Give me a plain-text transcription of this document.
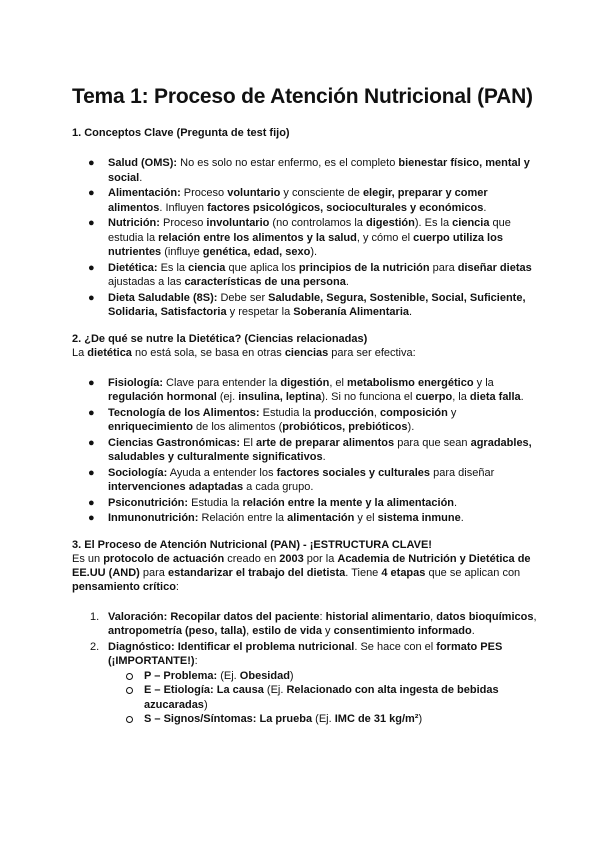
Tema 1: Proceso de Atención Nutricional (PAN)

1. Conceptos Clave (Pregunta de test fijo)

● Salud (OMS): No es solo no estar enfermo, es el completo bienestar físico, mental y social.
● Alimentación: Proceso voluntario y consciente de elegir, preparar y comer alimentos. Influyen factores psicológicos, socioculturales y económicos.
● Nutrición: Proceso involuntario (no controlamos la digestión). Es la ciencia que estudia la relación entre los alimentos y la salud, y cómo el cuerpo utiliza los nutrientes (influye genética, edad, sexo).
● Dietética: Es la ciencia que aplica los principios de la nutrición para diseñar dietas ajustadas a las características de una persona.
● Dieta Saludable (8S): Debe ser Saludable, Segura, Sostenible, Social, Suficiente, Solidaria, Satisfactoria y respetar la Soberanía Alimentaria.

2. ¿De qué se nutre la Dietética? (Ciencias relacionadas)

La dietética no está sola, se basa en otras ciencias para ser efectiva:

● Fisiología: Clave para entender la digestión, el metabolismo energético y la regulación hormonal (ej. insulina, leptina). Si no funciona el cuerpo, la dieta falla.
● Tecnología de los Alimentos: Estudia la producción, composición y enriquecimiento de los alimentos (probióticos, prebióticos).
● Ciencias Gastronómicas: El arte de preparar alimentos para que sean agradables, saludables y culturalmente significativos.
● Sociología: Ayuda a entender los factores sociales y culturales para diseñar intervenciones adaptadas a cada grupo.
● Psiconutrición: Estudia la relación entre la mente y la alimentación.
● Inmunonutrición: Relación entre la alimentación y el sistema inmune.

3. El Proceso de Atención Nutricional (PAN) - ¡ESTRUCTURA CLAVE!

Es un protocolo de actuación creado en 2003 por la Academia de Nutrición y Dietética de EE.UU (AND) para estandarizar el trabajo del dietista. Tiene 4 etapas que se aplican con pensamiento crítico:

1. Valoración: Recopilar datos del paciente: historial alimentario, datos bioquímicos, antropometría (peso, talla), estilo de vida y consentimiento informado.
2. Diagnóstico: Identificar el problema nutricional. Se hace con el formato PES (¡IMPORTANTE!):
P – Problema: (Ej. Obesidad)
E – Etiología: La causa (Ej. Relacionado con alta ingesta de bebidas azucaradas)
S – Signos/Síntomas: La prueba (Ej. IMC de 31 kg/m²)
